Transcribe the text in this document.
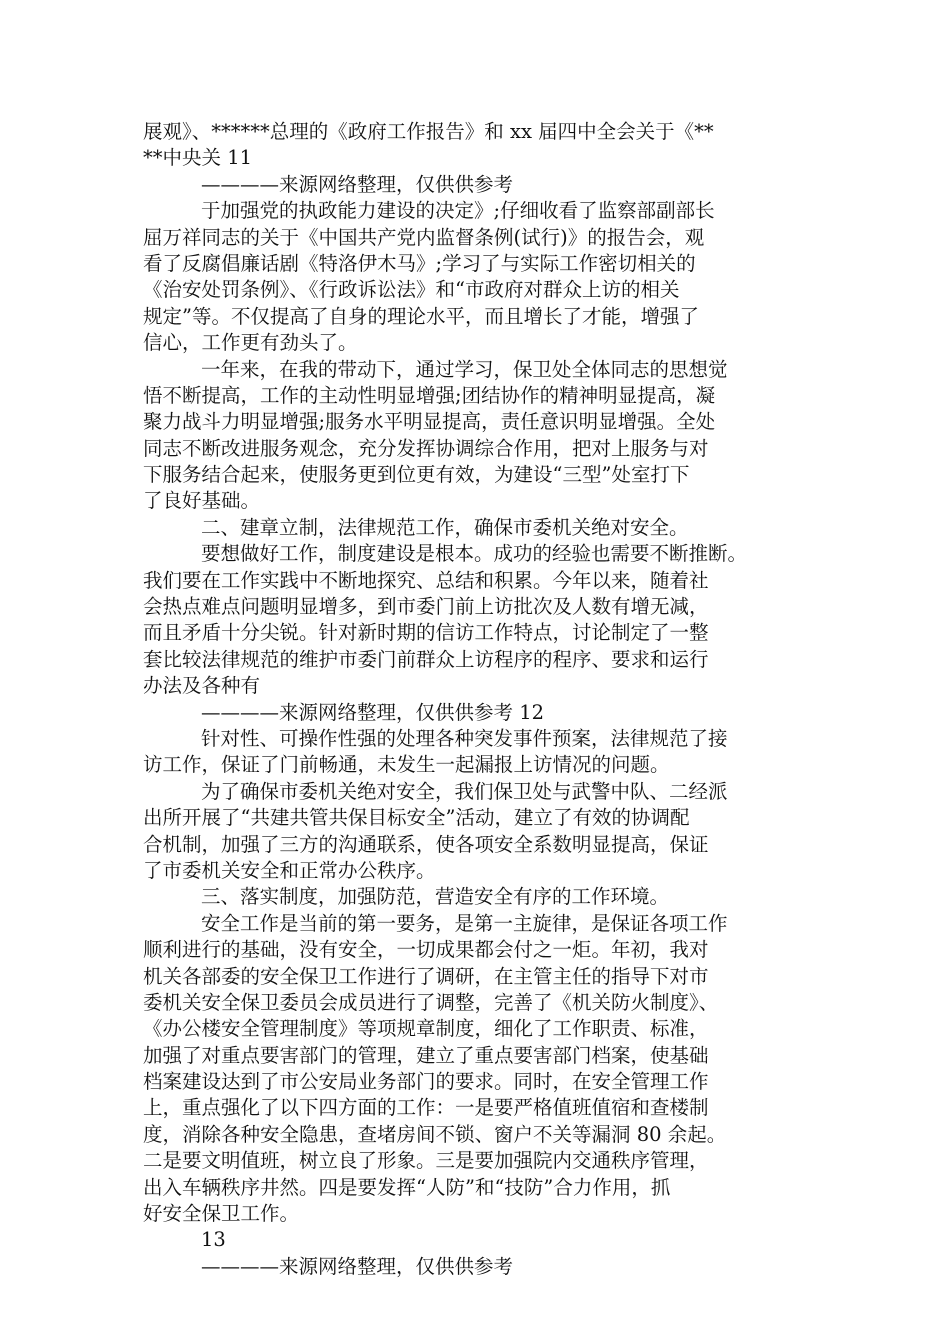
展观》、******总理的《政府工作报告》和 xx 届四中全会关于《**
**中央关 11
————来源网络整理，仅供供参考
于加强党的执政能力建设的决定》;仔细收看了监察部副部长
屈万祥同志的关于《中国共产党内监督条例(试行)》的报告会，观
看了反腐倡廉话剧《特洛伊木马》;学习了与实际工作密切相关的
《治安处罚条例》、《行政诉讼法》和“市政府对群众上访的相关
规定”等。不仅提高了自身的理论水平，而且增长了才能，增强了
信心，工作更有劲头了。
一年来，在我的带动下，通过学习，保卫处全体同志的思想觉
悟不断提高，工作的主动性明显增强;团结协作的精神明显提高，凝
聚力战斗力明显增强;服务水平明显提高，责任意识明显增强。全处
同志不断改进服务观念，充分发挥协调综合作用，把对上服务与对
下服务结合起来，使服务更到位更有效，为建设“三型”处室打下
了良好基础。
二、建章立制，法律规范工作，确保市委机关绝对安全。
要想做好工作，制度建设是根本。成功的经验也需要不断推断。
我们要在工作实践中不断地探究、总结和积累。今年以来，随着社
会热点难点问题明显增多，到市委门前上访批次及人数有增无减，
而且矛盾十分尖锐。针对新时期的信访工作特点，讨论制定了一整
套比较法律规范的维护市委门前群众上访程序的程序、要求和运行
办法及各种有
————来源网络整理，仅供供参考 12
针对性、可操作性强的处理各种突发事件预案，法律规范了接
访工作，保证了门前畅通，未发生一起漏报上访情况的问题。
为了确保市委机关绝对安全，我们保卫处与武警中队、二经派
出所开展了“共建共管共保目标安全”活动，建立了有效的协调配
合机制，加强了三方的沟通联系，使各项安全系数明显提高，保证
了市委机关安全和正常办公秩序。
三、落实制度，加强防范，营造安全有序的工作环境。
安全工作是当前的第一要务，是第一主旋律，是保证各项工作
顺利进行的基础，没有安全，一切成果都会付之一炬。年初，我对
机关各部委的安全保卫工作进行了调研，在主管主任的指导下对市
委机关安全保卫委员会成员进行了调整，完善了《机关防火制度》、
《办公楼安全管理制度》等项规章制度，细化了工作职责、标准，
加强了对重点要害部门的管理，建立了重点要害部门档案，使基础
档案建设达到了市公安局业务部门的要求。同时，在安全管理工作
上，重点强化了以下四方面的工作：一是要严格值班值宿和查楼制
度，消除各种安全隐患，查堵房间不锁、窗户不关等漏洞 80 余起。
二是要文明值班，树立良了形象。三是要加强院内交通秩序管理，
出入车辆秩序井然。四是要发挥“人防”和“技防”合力作用，抓
好安全保卫工作。
13
————来源网络整理，仅供供参考
